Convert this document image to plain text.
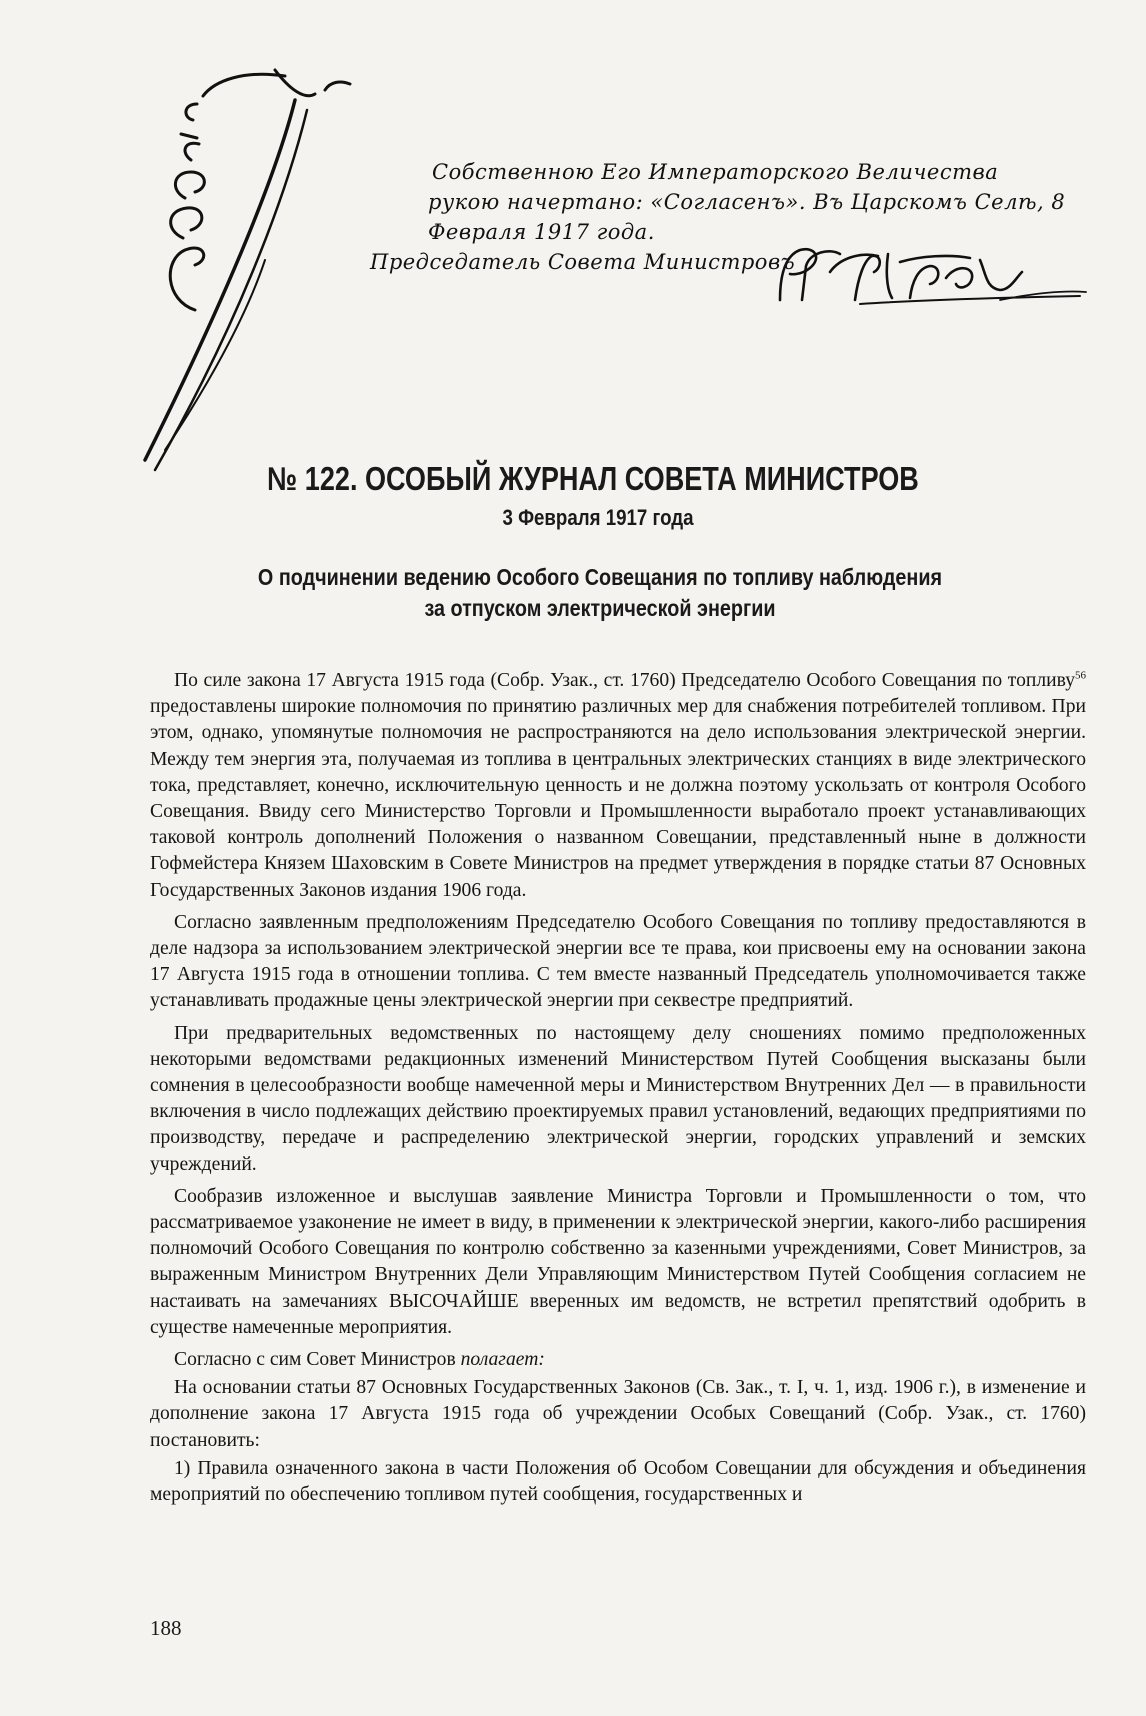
Собственною Его Императорского Величества
рукою начертано: «Согласенъ». Въ Царскомъ Селѣ, 8
Февраля 1917 года.
Председатель Совета Министровъ
№ 122. ОСОБЫЙ ЖУРНАЛ СОВЕТА МИНИСТРОВ
3 Февраля 1917 года
О подчинении ведению Особого Совещания по топливу наблюдения
за отпуском электрической энергии

По силе закона 17 Августа 1915 года (Собр. Узак., ст. 1760) Председателю Особого Совещания по топливу$^{56}$ предоставлены широкие полномочия по принятию различных мер для снабжения потребителей топливом. При этом, однако, упомянутые полномочия не распространяются на дело использования электрической энергии. Между тем энергия эта, получаемая из топлива в центральных электрических станциях в виде электрического тока, представляет, конечно, исключительную ценность и не должна поэтому ускользать от контроля Особого Совещания. Ввиду сего Министерство Торговли и Промышленности выработало проект устанавливающих таковой контроль дополнений Положения о названном Совещании, представленный ныне в должности Гофмейстера Князем Шаховским в Совете Министров на предмет утверждения в порядке статьи 87 Основных Государственных Законов издания 1906 года.

Согласно заявленным предположениям Председателю Особого Совещания по топливу предоставляются в деле надзора за использованием электрической энергии все те права, кои присвоены ему на основании закона 17 Августа 1915 года в отношении топлива. С тем вместе названный Председатель уполномочивается также устанавливать продажные цены электрической энергии при секвестре предприятий.

При предварительных ведомственных по настоящему делу сношениях помимо предположенных некоторыми ведомствами редакционных изменений Министерством Путей Сообщения высказаны были сомнения в целесообразности вообще намеченной меры и Министерством Внутренних Дел — в правильности включения в число подлежащих действию проектируемых правил установлений, ведающих предприятиями по производству, передаче и распределению электрической энергии, городских управлений и земских учреждений.

Сообразив изложенное и выслушав заявление Министра Торговли и Промышленности о том, что рассматриваемое узаконение не имеет в виду, в применении к электрической энергии, какого-либо расширения полномочий Особого Совещания по контролю собственно за казенными учреждениями, Совет Министров, за выраженным Министром Внутренних Дели Управляющим Министерством Путей Сообщения согласием не настаивать на замечаниях ВЫСОЧАЙШЕ вверенных им ведомств, не встретил препятствий одобрить в существе намеченные мероприятия.

Согласно с сим Совет Министров полагает:

На основании статьи 87 Основных Государственных Законов (Св. Зак., т. I, ч. 1, изд. 1906 г.), в изменение и дополнение закона 17 Августа 1915 года об учреждении Особых Совещаний (Собр. Узак., ст. 1760) постановить:

1) Правила означенного закона в части Положения об Особом Совещании для обсуждения и объединения мероприятий по обеспечению топливом путей сообщения, государственных и

188
